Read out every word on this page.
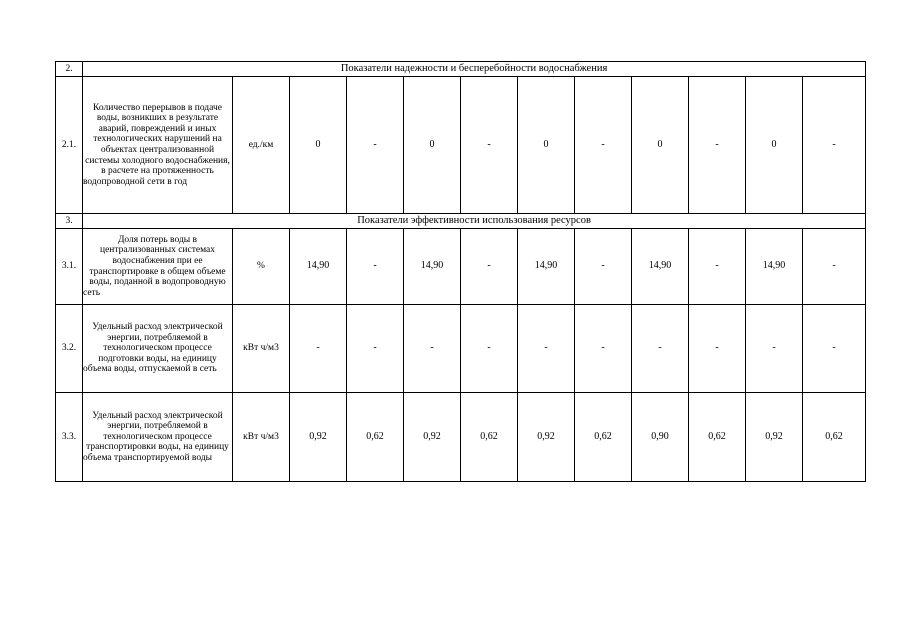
2.	Показатели надежности и бесперебойности водоснабжения											
2.1.	Количество перерывов в подаче воды, возникших в результате аварий, повреждений и иных технологических нарушений на объектах централизованной системы холодного водоснабжения, в расчете на протяженность водопроводной сети в год	ед./км	0	-	0	-	0	-	0	-	0	-
3.	Показатели эффективности использования ресурсов											
3.1.	Доля потерь воды в централизованных системах водоснабжения при ее транспортировке в общем объеме воды, поданной в водопроводную сеть	%	14,90	-	14,90	-	14,90	-	14,90	-	14,90	-
3.2.	Удельный расход электрической энергии, потребляемой в технологическом процессе подготовки воды, на единицу объема воды, отпускаемой в сеть	кВт ч/м3	-	-	-	-	-	-	-	-	-	-
3.3.	Удельный расход электрической энергии, потребляемой в технологическом процессе транспортировки воды, на единицу объема транспортируемой воды	кВт ч/м3	0,92	0,62	0,92	0,62	0,92	0,62	0,90	0,62	0,92	0,62
